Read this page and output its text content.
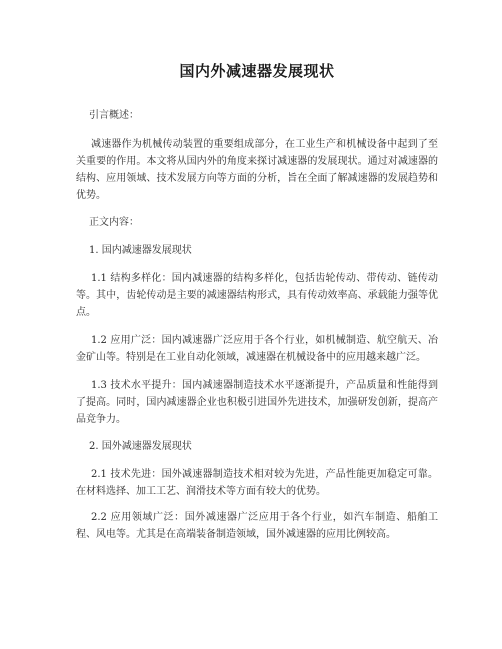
国内外减速器发展现状
引言概述：

减速器作为机械传动装置的重要组成部分，在工业生产和机械设备中起到了至关重要的作用。本文将从国内外的角度来探讨减速器的发展现状。通过对减速器的结构、应用领域、技术发展方向等方面的分析，旨在全面了解减速器的发展趋势和优势。

正文内容：
1. 国内减速器发展现状

1.1 结构多样化：国内减速器的结构多样化，包括齿轮传动、带传动、链传动等。其中，齿轮传动是主要的减速器结构形式，具有传动效率高、承载能力强等优点。

1.2 应用广泛：国内减速器广泛应用于各个行业，如机械制造、航空航天、冶金矿山等。特别是在工业自动化领域，减速器在机械设备中的应用越来越广泛。

1.3 技术水平提升：国内减速器制造技术水平逐渐提升，产品质量和性能得到了提高。同时，国内减速器企业也积极引进国外先进技术，加强研发创新，提高产品竞争力。

2. 国外减速器发展现状

2.1 技术先进：国外减速器制造技术相对较为先进，产品性能更加稳定可靠。在材料选择、加工工艺、润滑技术等方面有较大的优势。

2.2 应用领域广泛：国外减速器广泛应用于各个行业，如汽车制造、船舶工程、风电等。尤其是在高端装备制造领域，国外减速器的应用比例较高。
